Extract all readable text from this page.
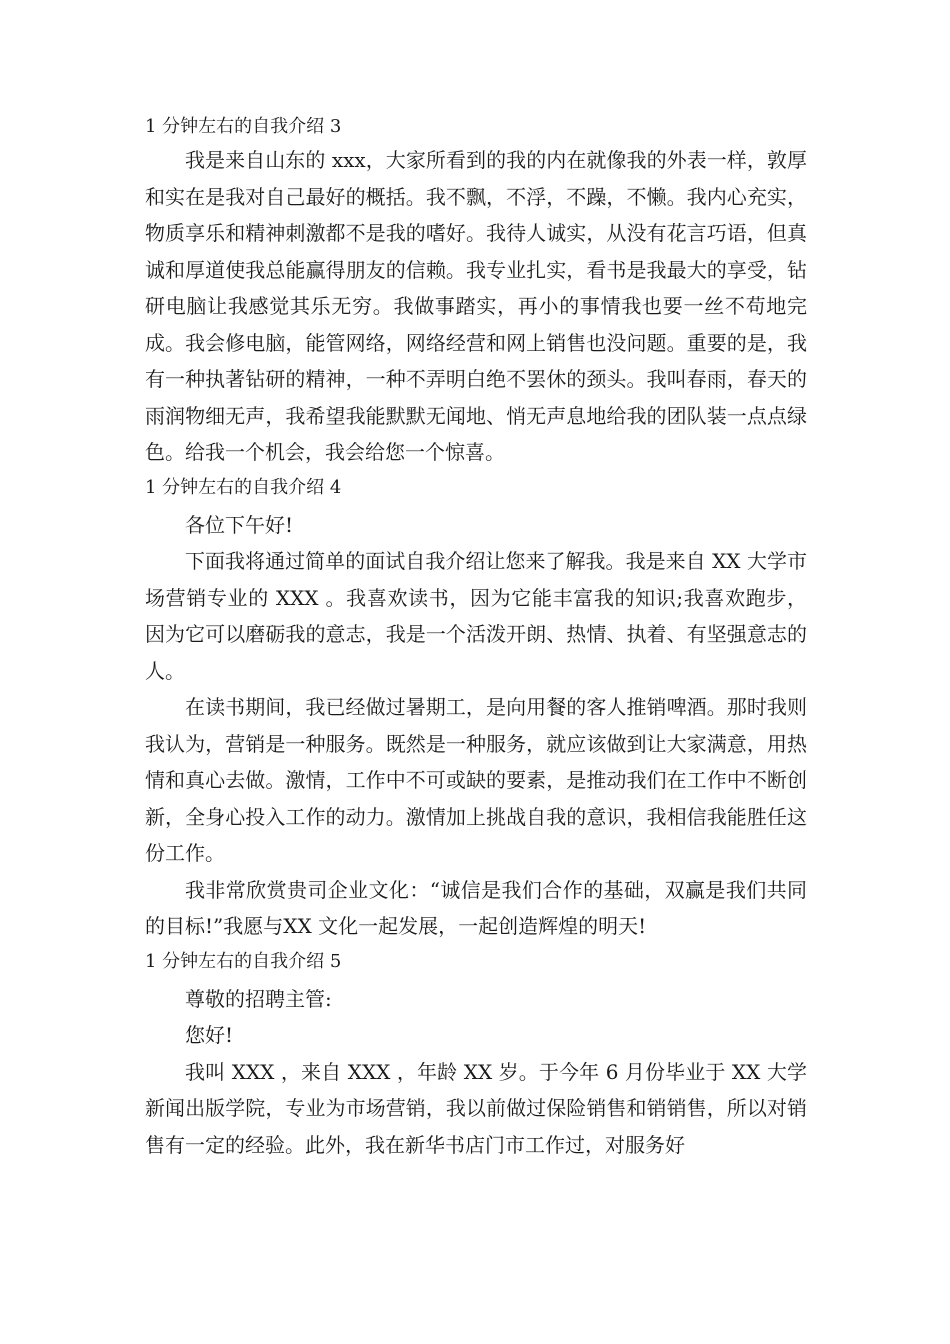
1 分钟左右的自我介绍 3

我是来自山东的 xxx，大家所看到的我的内在就像我的外表一样，敦厚和实在是我对自己最好的概括。我不飘，不浮，不躁，不懒。我内心充实，物质享乐和精神刺激都不是我的嗜好。我待人诚实，从没有花言巧语，但真诚和厚道使我总能赢得朋友的信赖。我专业扎实，看书是我最大的享受，钻研电脑让我感觉其乐无穷。我做事踏实，再小的事情我也要一丝不苟地完成。我会修电脑，能管网络，网络经营和网上销售也没问题。重要的是，我有一种执著钻研的精神，一种不弄明白绝不罢休的颈头。我叫春雨，春天的雨润物细无声，我希望我能默默无闻地、悄无声息地给我的团队装一点点绿色。给我一个机会，我会给您一个惊喜。

1 分钟左右的自我介绍 4

各位下午好!

下面我将通过简单的面试自我介绍让您来了解我。我是来自 XX 大学市场营销专业的 XXX 。我喜欢读书，因为它能丰富我的知识;我喜欢跑步，因为它可以磨砺我的意志，我是一个活泼开朗、热情、执着、有坚强意志的人。

在读书期间，我已经做过暑期工，是向用餐的客人推销啤酒。那时我则我认为，营销是一种服务。既然是一种服务，就应该做到让大家满意，用热情和真心去做。激情，工作中不可或缺的要素，是推动我们在工作中不断创新，全身心投入工作的动力。激情加上挑战自我的意识，我相信我能胜任这份工作。

我非常欣赏贵司企业文化：“诚信是我们合作的基础，双赢是我们共同的目标!”我愿与XX 文化一起发展，一起创造辉煌的明天!

1 分钟左右的自我介绍 5

尊敬的招聘主管:

您好!

我叫 XXX ，来自 XXX ，年龄 XX 岁。于今年 6 月份毕业于 XX 大学新闻出版学院，专业为市场营销，我以前做过保险销售和销销售，所以对销售有一定的经验。此外，我在新华书店门市工作过，对服务好
